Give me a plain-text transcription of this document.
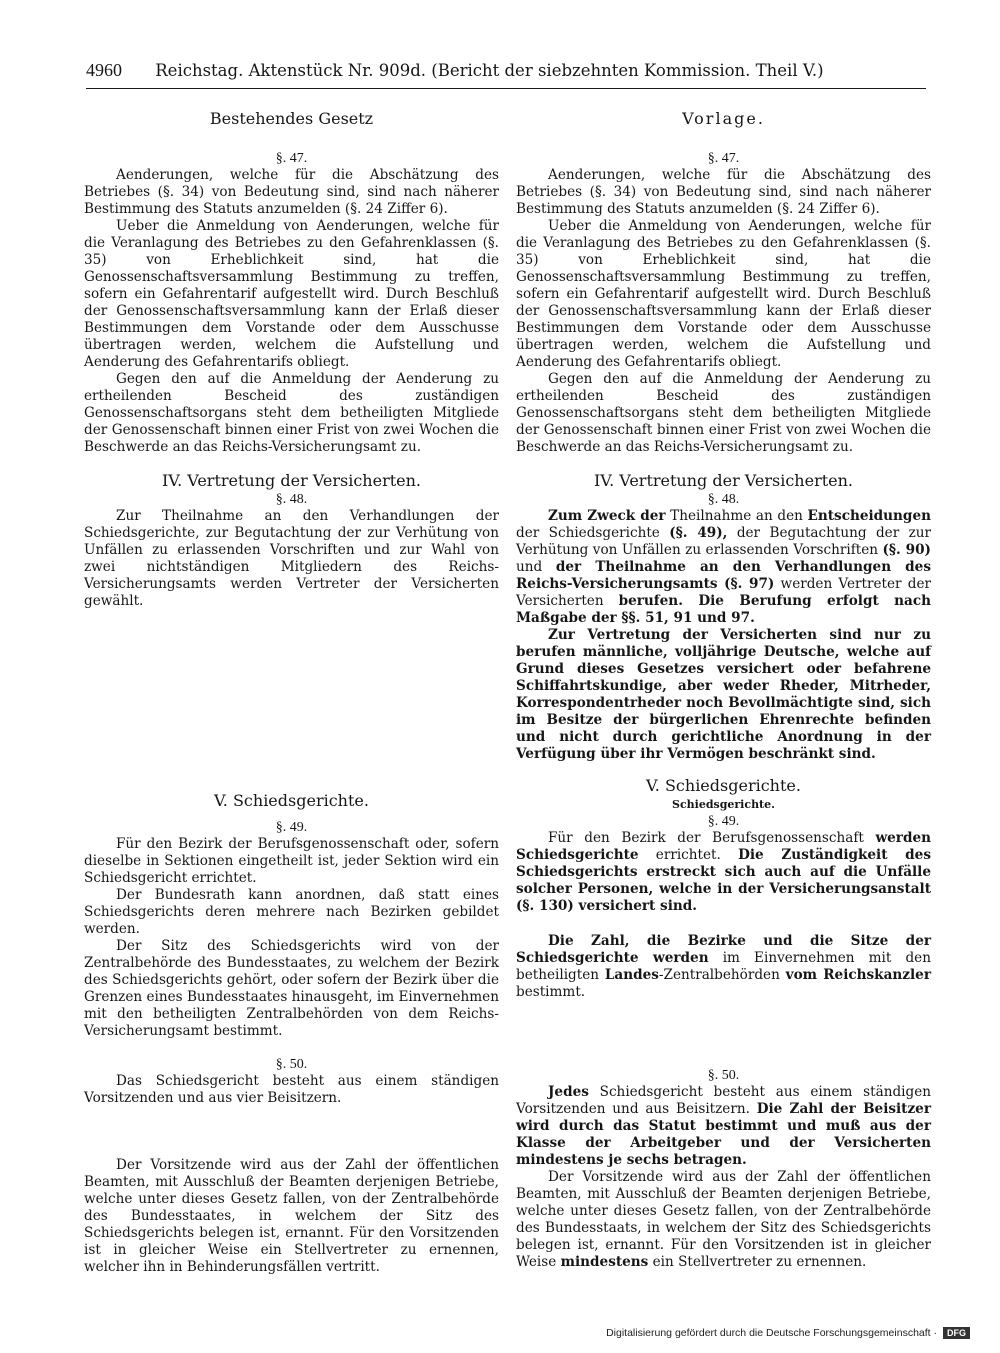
4960 Reichstag. Aktenstück Nr. 909d. (Bericht der siebzehnten Kommission. Theil V.)
Bestehendes Gesetz
§. 47.

Aenderungen, welche für die Abschätzung des Betriebes (§. 34) von Bedeutung sind, sind nach näherer Bestimmung des Statuts anzumelden (§. 24 Ziffer 6).

Ueber die Anmeldung von Aenderungen, welche für die Veranlagung des Betriebes zu den Gefahrenklassen (§. 35) von Erheblichkeit sind, hat die Genossenschaftsversammlung Bestimmung zu treffen, sofern ein Gefahrentarif aufgestellt wird. Durch Beschluß der Genossenschaftsversammlung kann der Erlaß dieser Bestimmungen dem Vorstande oder dem Ausschusse übertragen werden, welchem die Aufstellung und Aenderung des Gefahrentarifs obliegt.

Gegen den auf die Anmeldung der Aenderung zu ertheilenden Bescheid des zuständigen Genossenschaftsorgans steht dem betheiligten Mitgliede der Genossenschaft binnen einer Frist von zwei Wochen die Beschwerde an das Reichs-Versicherungsamt zu.

IV. Vertretung der Versicherten.
§. 48.

Zur Theilnahme an den Verhandlungen der Schiedsgerichte, zur Begutachtung der zur Verhütung von Unfällen zu erlassenden Vorschriften und zur Wahl von zwei nichtständigen Mitgliedern des Reichs-Versicherungsamts werden Vertreter der Versicherten gewählt.

V. Schiedsgerichte.
§. 49.

Für den Bezirk der Berufsgenossenschaft oder, sofern dieselbe in Sektionen eingetheilt ist, jeder Sektion wird ein Schiedsgericht errichtet.

Der Bundesrath kann anordnen, daß statt eines Schiedsgerichts deren mehrere nach Bezirken gebildet werden.

Der Sitz des Schiedsgerichts wird von der Zentralbehörde des Bundesstaates, zu welchem der Bezirk des Schiedsgerichts gehört, oder sofern der Bezirk über die Grenzen eines Bundesstaates hinausgeht, im Einvernehmen mit den betheiligten Zentralbehörden von dem Reichs-Versicherungsamt bestimmt.

§. 50.

Das Schiedsgericht besteht aus einem ständigen Vorsitzenden und aus vier Beisitzern.

Der Vorsitzende wird aus der Zahl der öffentlichen Beamten, mit Ausschluß der Beamten derjenigen Betriebe, welche unter dieses Gesetz fallen, von der Zentralbehörde des Bundesstaates, in welchem der Sitz des Schiedsgerichts belegen ist, ernannt. Für den Vorsitzenden ist in gleicher Weise ein Stellvertreter zu ernennen, welcher ihn in Behinderungsfällen vertritt.

Vorlage.
§. 47.

Aenderungen, welche für die Abschätzung des Betriebes (§. 34) von Bedeutung sind, sind nach näherer Bestimmung des Statuts anzumelden (§. 24 Ziffer 6).

Ueber die Anmeldung von Aenderungen, welche für die Veranlagung des Betriebes zu den Gefahrenklassen (§. 35) von Erheblichkeit sind, hat die Genossenschaftsversammlung Bestimmung zu treffen, sofern ein Gefahrentarif aufgestellt wird. Durch Beschluß der Genossenschaftsversammlung kann der Erlaß dieser Bestimmungen dem Vorstande oder dem Ausschusse übertragen werden, welchem die Aufstellung und Aenderung des Gefahrentarifs obliegt.

Gegen den auf die Anmeldung der Aenderung zu ertheilenden Bescheid des zuständigen Genossenschaftsorgans steht dem betheiligten Mitgliede der Genossenschaft binnen einer Frist von zwei Wochen die Beschwerde an das Reichs-Versicherungsamt zu.

IV. Vertretung der Versicherten.
§. 48.

Zum Zweck der Theilnahme an den Entscheidungen der Schiedsgerichte (§. 49), der Begutachtung der zur Verhütung von Unfällen zu erlassenden Vorschriften (§. 90) und der Theilnahme an den Verhandlungen des Reichs-Versicherungsamts (§. 97) werden Vertreter der Versicherten berufen. Die Berufung erfolgt nach Maßgabe der §§. 51, 91 und 97.

Zur Vertretung der Versicherten sind nur zu berufen männliche, volljährige Deutsche, welche auf Grund dieses Gesetzes versichert oder befahrene Schiffahrtskundige, aber weder Rheder, Mitrheder, Korrespondentrheder noch Bevollmächtigte sind, sich im Besitze der bürgerlichen Ehrenrechte befinden und nicht durch gerichtliche Anordnung in der Verfügung über ihr Vermögen beschränkt sind.

V. Schiedsgerichte.
Schiedsgerichte.
§. 49.

Für den Bezirk der Berufsgenossenschaft werden Schiedsgerichte errichtet. Die Zuständigkeit des Schiedsgerichts erstreckt sich auch auf die Unfälle solcher Personen, welche in der Versicherungsanstalt (§. 130) versichert sind.

Die Zahl, die Bezirke und die Sitze der Schiedsgerichte werden im Einvernehmen mit den betheiligten Landes-Zentralbehörden vom Reichskanzler bestimmt.

§. 50.

Jedes Schiedsgericht besteht aus einem ständigen Vorsitzenden und aus Beisitzern. Die Zahl der Beisitzer wird durch das Statut bestimmt und muß aus der Klasse der Arbeitgeber und der Versicherten mindestens je sechs betragen.

Der Vorsitzende wird aus der Zahl der öffentlichen Beamten, mit Ausschluß der Beamten derjenigen Betriebe, welche unter dieses Gesetz fallen, von der Zentralbehörde des Bundesstaats, in welchem der Sitz des Schiedsgerichts belegen ist, ernannt. Für den Vorsitzenden ist in gleicher Weise mindestens ein Stellvertreter zu ernennen.

Digitalisierung gefördert durch die Deutsche Forschungsgemeinschaft ·	DFG
